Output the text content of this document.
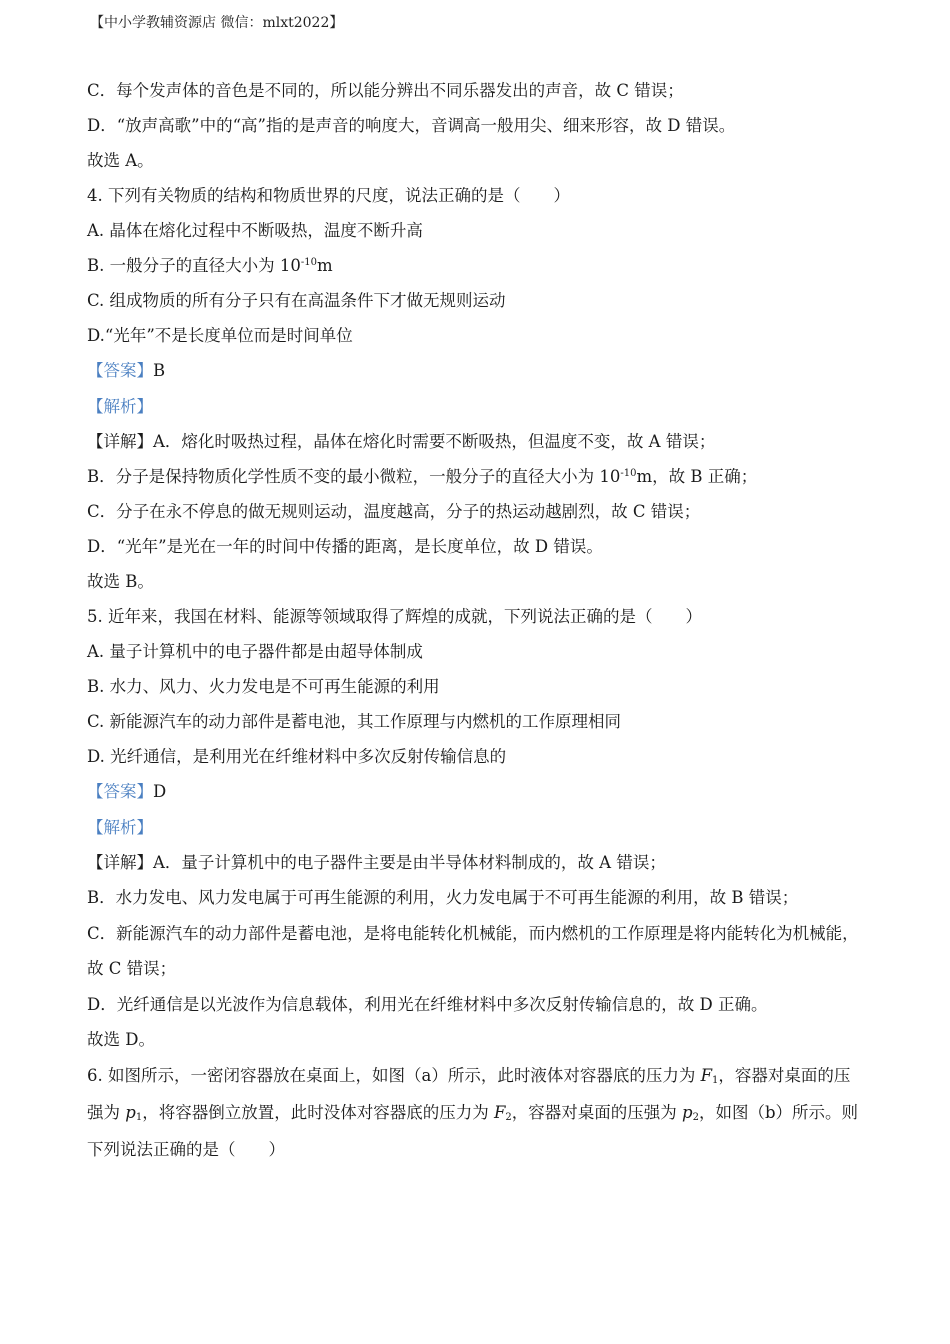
【中小学教辅资源店 微信：mlxt2022】
C．每个发声体的音色是不同的，所以能分辨出不同乐器发出的声音，故 C 错误；
D．“放声高歌”中的“高”指的是声音的响度大，音调高一般用尖、细来形容，故 D 错误。
故选 A。
4. 下列有关物质的结构和物质世界的尺度，说法正确的是（　　）
A. 晶体在熔化过程中不断吸热，温度不断升高
B. 一般分子的直径大小为 $10^{-10}m$
C. 组成物质的所有分子只有在高温条件下才做无规则运动
D.“光年”不是长度单位而是时间单位
【答案】B
【解析】
【详解】A．熔化时吸热过程，晶体在熔化时需要不断吸热，但温度不变，故 A 错误；
B．分子是保持物质化学性质不变的最小微粒，一般分子的直径大小为 $10^{-10}m$，故 B 正确；
C．分子在永不停息的做无规则运动，温度越高，分子的热运动越剧烈，故 C 错误；
D．“光年”是光在一年的时间中传播的距离，是长度单位，故 D 错误。
故选 B。
5. 近年来，我国在材料、能源等领域取得了辉煌的成就，下列说法正确的是（　　）
A. 量子计算机中的电子器件都是由超导体制成
B. 水力、风力、火力发电是不可再生能源的利用
C. 新能源汽车的动力部件是蓄电池，其工作原理与内燃机的工作原理相同
D. 光纤通信，是利用光在纤维材料中多次反射传输信息的
【答案】D
【解析】
【详解】A．量子计算机中的电子器件主要是由半导体材料制成的，故 A 错误；
B．水力发电、风力发电属于可再生能源的利用，火力发电属于不可再生能源的利用，故 B 错误；
C．新能源汽车的动力部件是蓄电池，是将电能转化机械能，而内燃机的工作原理是将内能转化为机械能，
故 C 错误；
D．光纤通信是以光波作为信息载体，利用光在纤维材料中多次反射传输信息的，故 D 正确。
故选 D。
6. 如图所示，一密闭容器放在桌面上，如图（a）所示，此时液体对容器底的压力为 $F_1$，容器对桌面的压
强为 $p_1$，将容器倒立放置，此时没体对容器底的压力为 $F_2$，容器对桌面的压强为 $p_2$，如图（b）所示。则
下列说法正确的是（　　）
